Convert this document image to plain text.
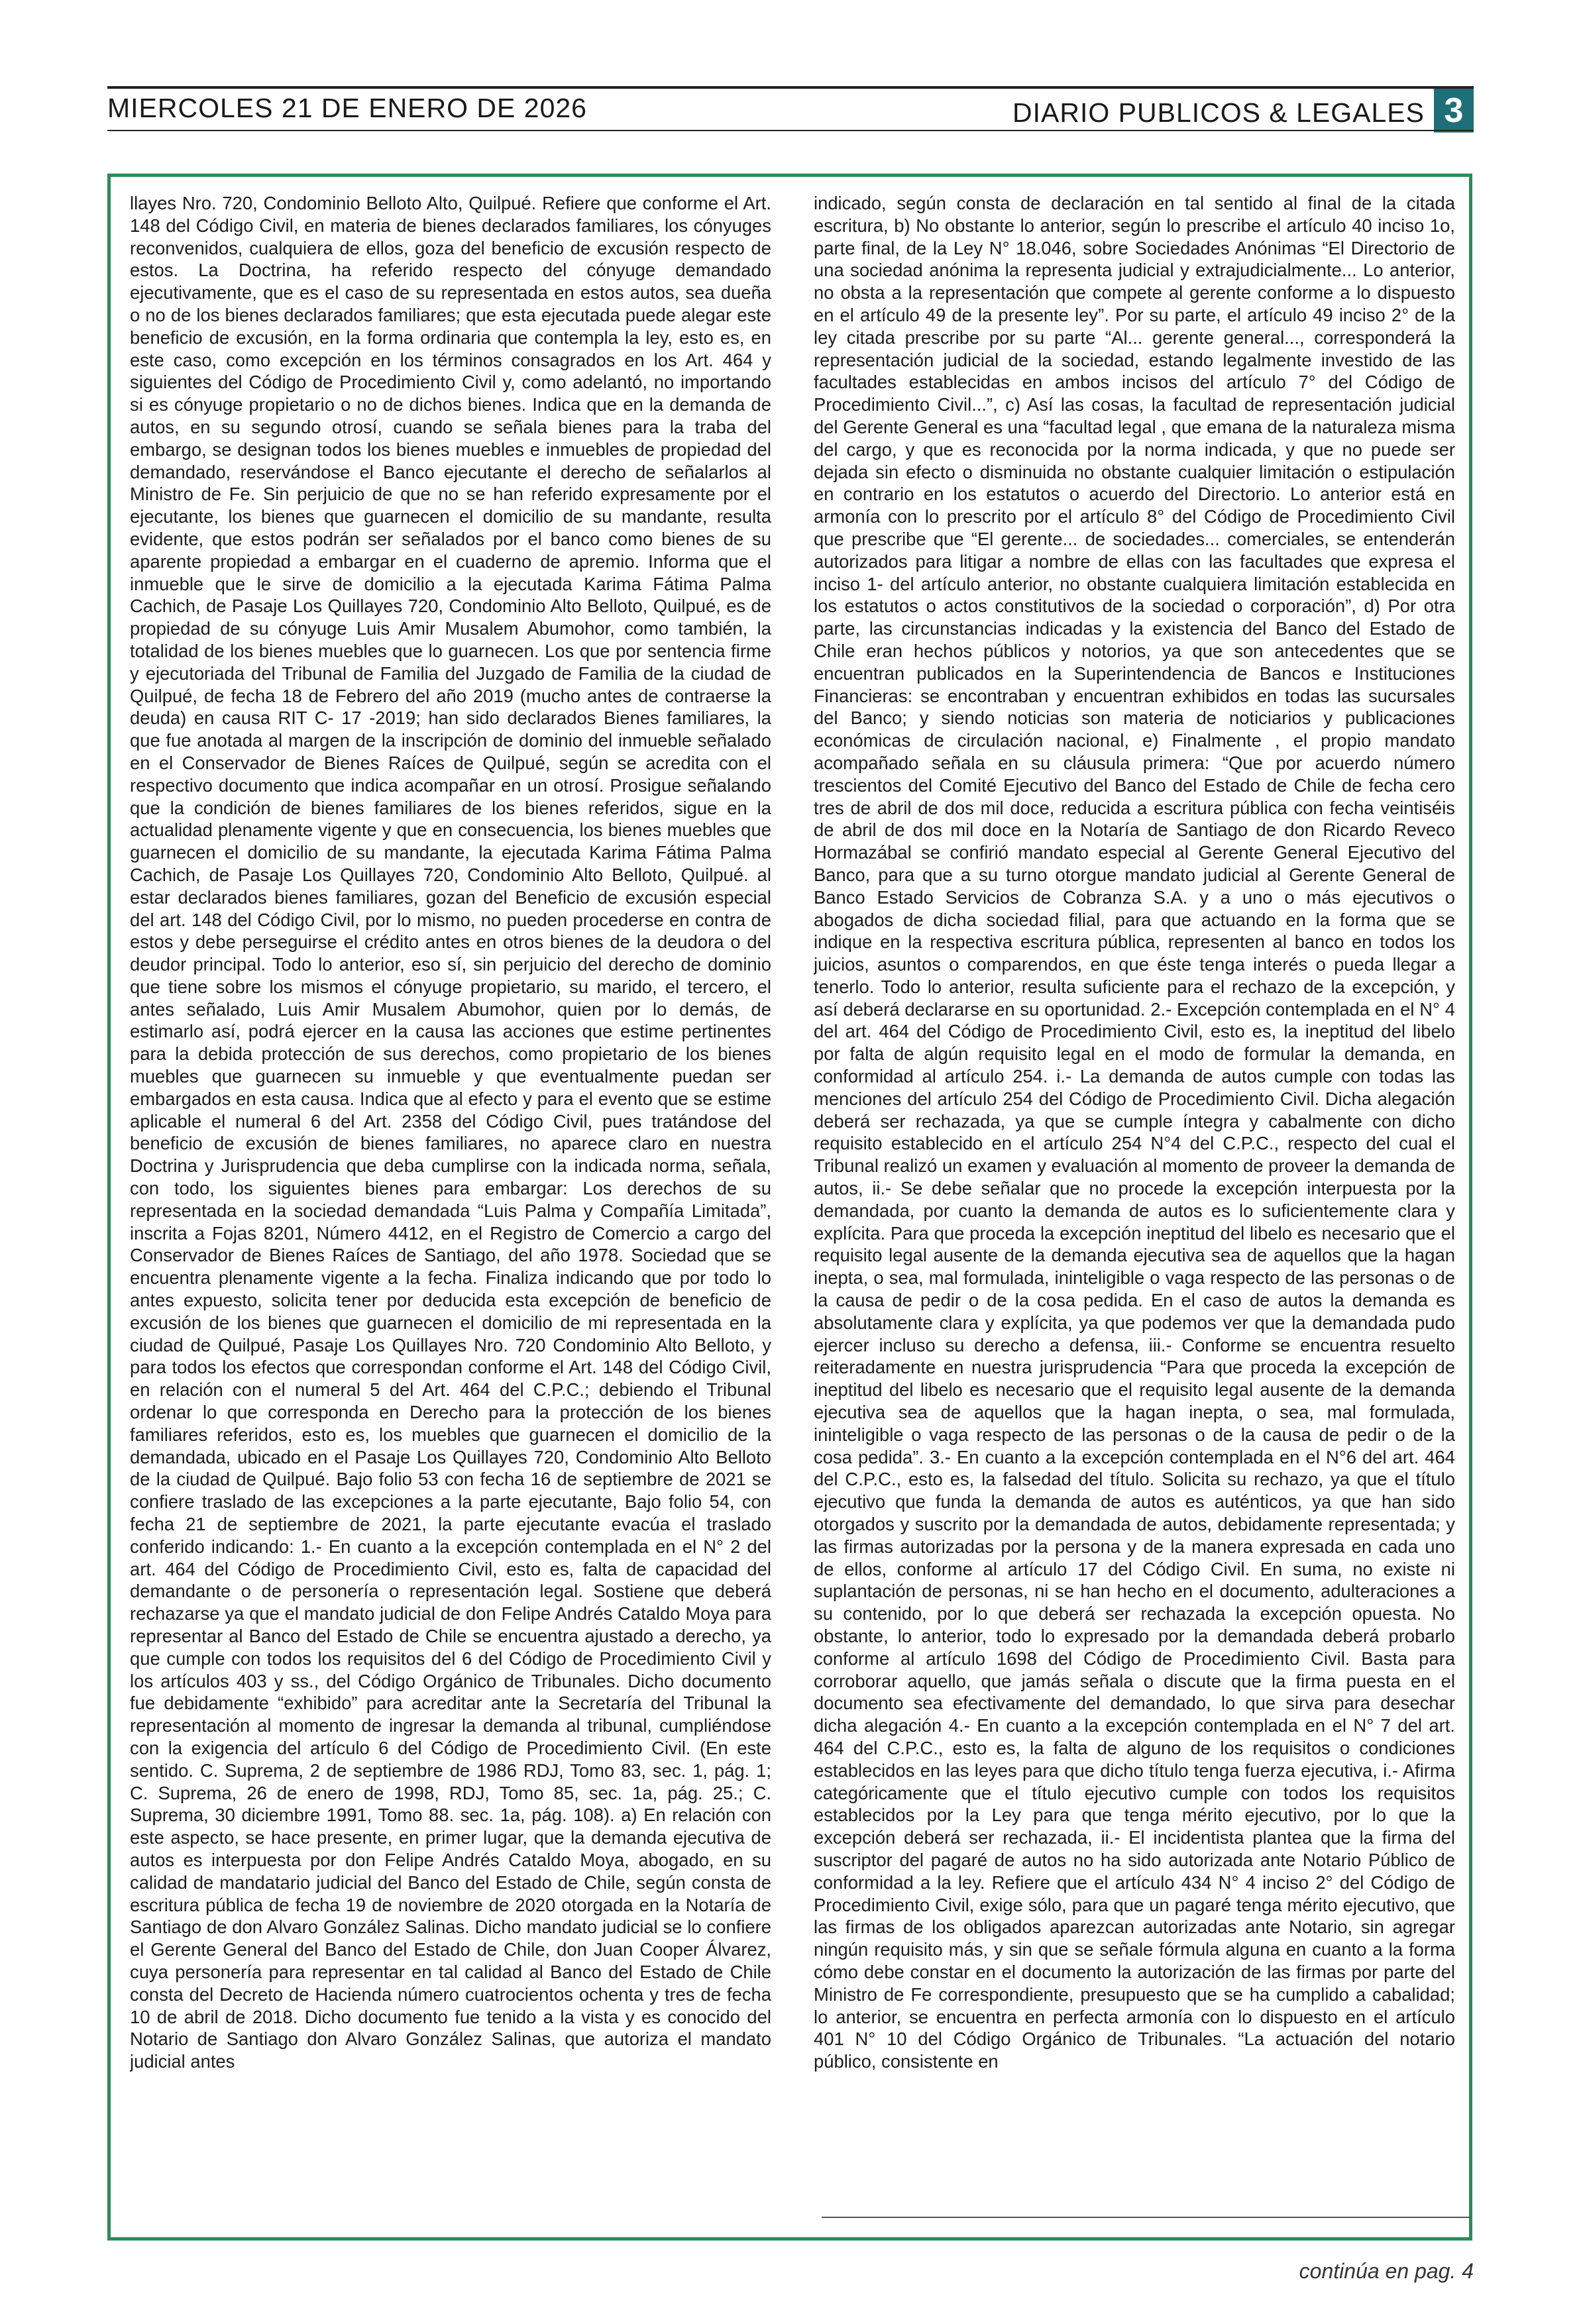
MIERCOLES 21 DE ENERO DE 2026	DIARIO PUBLICOS & LEGALES 3

llayes Nro. 720, Condominio Belloto Alto, Quilpué. Refiere que conforme el Art. 148 del Código Civil, en materia de bienes declarados familiares, los cónyuges reconvenidos, cualquiera de ellos, goza del beneficio de excusión respecto de estos. La Doctrina, ha referido respecto del cónyuge demandado ejecutivamente, que es el caso de su representada en estos autos, sea dueña o no de los bienes declarados familiares; que esta ejecutada puede alegar este beneficio de excusión, en la forma ordinaria que contempla la ley, esto es, en este caso, como excepción en los términos consagrados en los Art. 464 y siguientes del Código de Procedimiento Civil y, como adelantó, no importando si es cónyuge propietario o no de dichos bienes. Indica que en la demanda de autos, en su segundo otrosí, cuando se señala bienes para la traba del embargo, se designan todos los bienes muebles e inmuebles de propiedad del demandado, reservándose el Banco ejecutante el derecho de señalarlos al Ministro de Fe. Sin perjuicio de que no se han referido expresamente por el ejecutante, los bienes que guarnecen el domicilio de su mandante, resulta evidente, que estos podrán ser señalados por el banco como bienes de su aparente propiedad a embargar en el cuaderno de apremio. Informa que el inmueble que le sirve de domicilio a la ejecutada Karima Fátima Palma Cachich, de Pasaje Los Quillayes 720, Condominio Alto Belloto, Quilpué, es de propiedad de su cónyuge Luis Amir Musalem Abumohor, como también, la totalidad de los bienes muebles que lo guarnecen. Los que por sentencia firme y ejecutoriada del Tribunal de Familia del Juzgado de Familia de la ciudad de Quilpué, de fecha 18 de Febrero del año 2019 (mucho antes de contraerse la deuda) en causa RIT C- 17 -2019; han sido declarados Bienes familiares, la que fue anotada al margen de la inscripción de dominio del inmueble señalado en el Conservador de Bienes Raíces de Quilpué, según se acredita con el respectivo documento que indica acompañar en un otrosí. Prosigue señalando que la condición de bienes familiares de los bienes referidos, sigue en la actualidad plenamente vigente y que en consecuencia, los bienes muebles que guarnecen el domicilio de su mandante, la ejecutada Karima Fátima Palma Cachich, de Pasaje Los Quillayes 720, Condominio Alto Belloto, Quilpué. al estar declarados bienes familiares, gozan del Beneficio de excusión especial del art. 148 del Código Civil, por lo mismo, no pueden procederse en contra de estos y debe perseguirse el crédito antes en otros bienes de la deudora o del deudor principal. Todo lo anterior, eso sí, sin perjuicio del derecho de dominio que tiene sobre los mismos el cónyuge propietario, su marido, el tercero, el antes señalado, Luis Amir Musalem Abumohor, quien por lo demás, de estimarlo así, podrá ejercer en la causa las acciones que estime pertinentes para la debida protección de sus derechos, como propietario de los bienes muebles que guarnecen su inmueble y que eventualmente puedan ser embargados en esta causa. Indica que al efecto y para el evento que se estime aplicable el numeral 6 del Art. 2358 del Código Civil, pues tratándose del beneficio de excusión de bienes familiares, no aparece claro en nuestra Doctrina y Jurisprudencia que deba cumplirse con la indicada norma, señala, con todo, los siguientes bienes para embargar: Los derechos de su representada en la sociedad demandada “Luis Palma y Compañía Limitada”, inscrita a Fojas 8201, Número 4412, en el Registro de Comercio a cargo del Conservador de Bienes Raíces de Santiago, del año 1978. Sociedad que se encuentra plenamente vigente a la fecha. Finaliza indicando que por todo lo antes expuesto, solicita tener por deducida esta excepción de beneficio de excusión de los bienes que guarnecen el domicilio de mi representada en la ciudad de Quilpué, Pasaje Los Quillayes Nro. 720 Condominio Alto Belloto, y para todos los efectos que correspondan conforme el Art. 148 del Código Civil, en relación con el numeral 5 del Art. 464 del C.P.C.; debiendo el Tribunal ordenar lo que corresponda en Derecho para la protección de los bienes familiares referidos, esto es, los muebles que guarnecen el domicilio de la demandada, ubicado en el Pasaje Los Quillayes 720, Condominio Alto Belloto de la ciudad de Quilpué. Bajo folio 53 con fecha 16 de septiembre de 2021 se confiere traslado de las excepciones a la parte ejecutante, Bajo folio 54, con fecha 21 de septiembre de 2021, la parte ejecutante evacúa el traslado conferido indicando: 1.- En cuanto a la excepción contemplada en el N° 2 del art. 464 del Código de Procedimiento Civil, esto es, falta de capacidad del demandante o de personería o representación legal. Sostiene que deberá rechazarse ya que el mandato judicial de don Felipe Andrés Cataldo Moya para representar al Banco del Estado de Chile se encuentra ajustado a derecho, ya que cumple con todos los requisitos del 6 del Código de Procedimiento Civil y los artículos 403 y ss., del Código Orgánico de Tribunales. Dicho documento fue debidamente “exhibido” para acreditar ante la Secretaría del Tribunal la representación al momento de ingresar la demanda al tribunal, cumpliéndose con la exigencia del artículo 6 del Código de Procedimiento Civil. (En este sentido. C. Suprema, 2 de septiembre de 1986 RDJ, Tomo 83, sec. 1, pág. 1; C. Suprema, 26 de enero de 1998, RDJ, Tomo 85, sec. 1a, pág. 25.; C. Suprema, 30 diciembre 1991, Tomo 88. sec. 1a, pág. 108). a) En relación con este aspecto, se hace presente, en primer lugar, que la demanda ejecutiva de autos es interpuesta por don Felipe Andrés Cataldo Moya, abogado, en su calidad de mandatario judicial del Banco del Estado de Chile, según consta de escritura pública de fecha 19 de noviembre de 2020 otorgada en la Notaría de Santiago de don Alvaro González Salinas. Dicho mandato judicial se lo confiere el Gerente General del Banco del Estado de Chile, don Juan Cooper Álvarez, cuya personería para representar en tal calidad al Banco del Estado de Chile consta del Decreto de Hacienda número cuatrocientos ochenta y tres de fecha 10 de abril de 2018. Dicho documento fue tenido a la vista y es conocido del Notario de Santiago don Alvaro González Salinas, que autoriza el mandato judicial antes

indicado, según consta de declaración en tal sentido al final de la citada escritura, b) No obstante lo anterior, según lo prescribe el artículo 40 inciso 1o, parte final, de la Ley N° 18.046, sobre Sociedades Anónimas “El Directorio de una sociedad anónima la representa judicial y extrajudicialmente... Lo anterior, no obsta a la representación que compete al gerente conforme a lo dispuesto en el artículo 49 de la presente ley”. Por su parte, el artículo 49 inciso 2° de la ley citada prescribe por su parte “Al... gerente general..., corresponderá la representación judicial de la sociedad, estando legalmente investido de las facultades establecidas en ambos incisos del artículo 7° del Código de Procedimiento Civil...”, c) Así las cosas, la facultad de representación judicial del Gerente General es una “facultad legal , que emana de la naturaleza misma del cargo, y que es reconocida por la norma indicada, y que no puede ser dejada sin efecto o disminuida no obstante cualquier limitación o estipulación en contrario en los estatutos o acuerdo del Directorio. Lo anterior está en armonía con lo prescrito por el artículo 8° del Código de Procedimiento Civil que prescribe que “El gerente... de sociedades... comerciales, se entenderán autorizados para litigar a nombre de ellas con las facultades que expresa el inciso 1- del artículo anterior, no obstante cualquiera limitación establecida en los estatutos o actos constitutivos de la sociedad o corporación”, d) Por otra parte, las circunstancias indicadas y la existencia del Banco del Estado de Chile eran hechos públicos y notorios, ya que son antecedentes que se encuentran publicados en la Superintendencia de Bancos e Instituciones Financieras: se encontraban y encuentran exhibidos en todas las sucursales del Banco; y siendo noticias son materia de noticiarios y publicaciones económicas de circulación nacional, e) Finalmente , el propio mandato acompañado señala en su cláusula primera: “Que por acuerdo número trescientos del Comité Ejecutivo del Banco del Estado de Chile de fecha cero tres de abril de dos mil doce, reducida a escritura pública con fecha veintiséis de abril de dos mil doce en la Notaría de Santiago de don Ricardo Reveco Hormazábal se confirió mandato especial al Gerente General Ejecutivo del Banco, para que a su turno otorgue mandato judicial al Gerente General de Banco Estado Servicios de Cobranza S.A. y a uno o más ejecutivos o abogados de dicha sociedad filial, para que actuando en la forma que se indique en la respectiva escritura pública, representen al banco en todos los juicios, asuntos o comparendos, en que éste tenga interés o pueda llegar a tenerlo. Todo lo anterior, resulta suficiente para el rechazo de la excepción, y así deberá declararse en su oportunidad. 2.- Excepción contemplada en el N° 4 del art. 464 del Código de Procedimiento Civil, esto es, la ineptitud del libelo por falta de algún requisito legal en el modo de formular la demanda, en conformidad al artículo 254. i.- La demanda de autos cumple con todas las menciones del artículo 254 del Código de Procedimiento Civil. Dicha alegación deberá ser rechazada, ya que se cumple íntegra y cabalmente con dicho requisito establecido en el artículo 254 N°4 del C.P.C., respecto del cual el Tribunal realizó un examen y evaluación al momento de proveer la demanda de autos, ii.- Se debe señalar que no procede la excepción interpuesta por la demandada, por cuanto la demanda de autos es lo suficientemente clara y explícita. Para que proceda la excepción ineptitud del libelo es necesario que el requisito legal ausente de la demanda ejecutiva sea de aquellos que la hagan inepta, o sea, mal formulada, ininteligible o vaga respecto de las personas o de la causa de pedir o de la cosa pedida. En el caso de autos la demanda es absolutamente clara y explícita, ya que podemos ver que la demandada pudo ejercer incluso su derecho a defensa, iii.- Conforme se encuentra resuelto reiteradamente en nuestra jurisprudencia “Para que proceda la excepción de ineptitud del libelo es necesario que el requisito legal ausente de la demanda ejecutiva sea de aquellos que la hagan inepta, o sea, mal formulada, ininteligible o vaga respecto de las personas o de la causa de pedir o de la cosa pedida”. 3.- En cuanto a la excepción contemplada en el N°6 del art. 464 del C.P.C., esto es, la falsedad del título. Solicita su rechazo, ya que el título ejecutivo que funda la demanda de autos es auténticos, ya que han sido otorgados y suscrito por la demandada de autos, debidamente representada; y las firmas autorizadas por la persona y de la manera expresada en cada uno de ellos, conforme al artículo 17 del Código Civil. En suma, no existe ni suplantación de personas, ni se han hecho en el documento, adulteraciones a su contenido, por lo que deberá ser rechazada la excepción opuesta. No obstante, lo anterior, todo lo expresado por la demandada deberá probarlo conforme al artículo 1698 del Código de Procedimiento Civil. Basta para corroborar aquello, que jamás señala o discute que la firma puesta en el documento sea efectivamente del demandado, lo que sirva para desechar dicha alegación 4.- En cuanto a la excepción contemplada en el N° 7 del art. 464 del C.P.C., esto es, la falta de alguno de los requisitos o condiciones establecidos en las leyes para que dicho título tenga fuerza ejecutiva, i.- Afirma categóricamente que el título ejecutivo cumple con todos los requisitos establecidos por la Ley para que tenga mérito ejecutivo, por lo que la excepción deberá ser rechazada, ii.- El incidentista plantea que la firma del suscriptor del pagaré de autos no ha sido autorizada ante Notario Público de conformidad a la ley. Refiere que el artículo 434 N° 4 inciso 2° del Código de Procedimiento Civil, exige sólo, para que un pagaré tenga mérito ejecutivo, que las firmas de los obligados aparezcan autorizadas ante Notario, sin agregar ningún requisito más, y sin que se señale fórmula alguna en cuanto a la forma cómo debe constar en el documento la autorización de las firmas por parte del Ministro de Fe correspondiente, presupuesto que se ha cumplido a cabalidad; lo anterior, se encuentra en perfecta armonía con lo dispuesto en el artículo 401 N° 10 del Código Orgánico de Tribunales. “La actuación del notario público, consistente en

continúa en pag. 4
